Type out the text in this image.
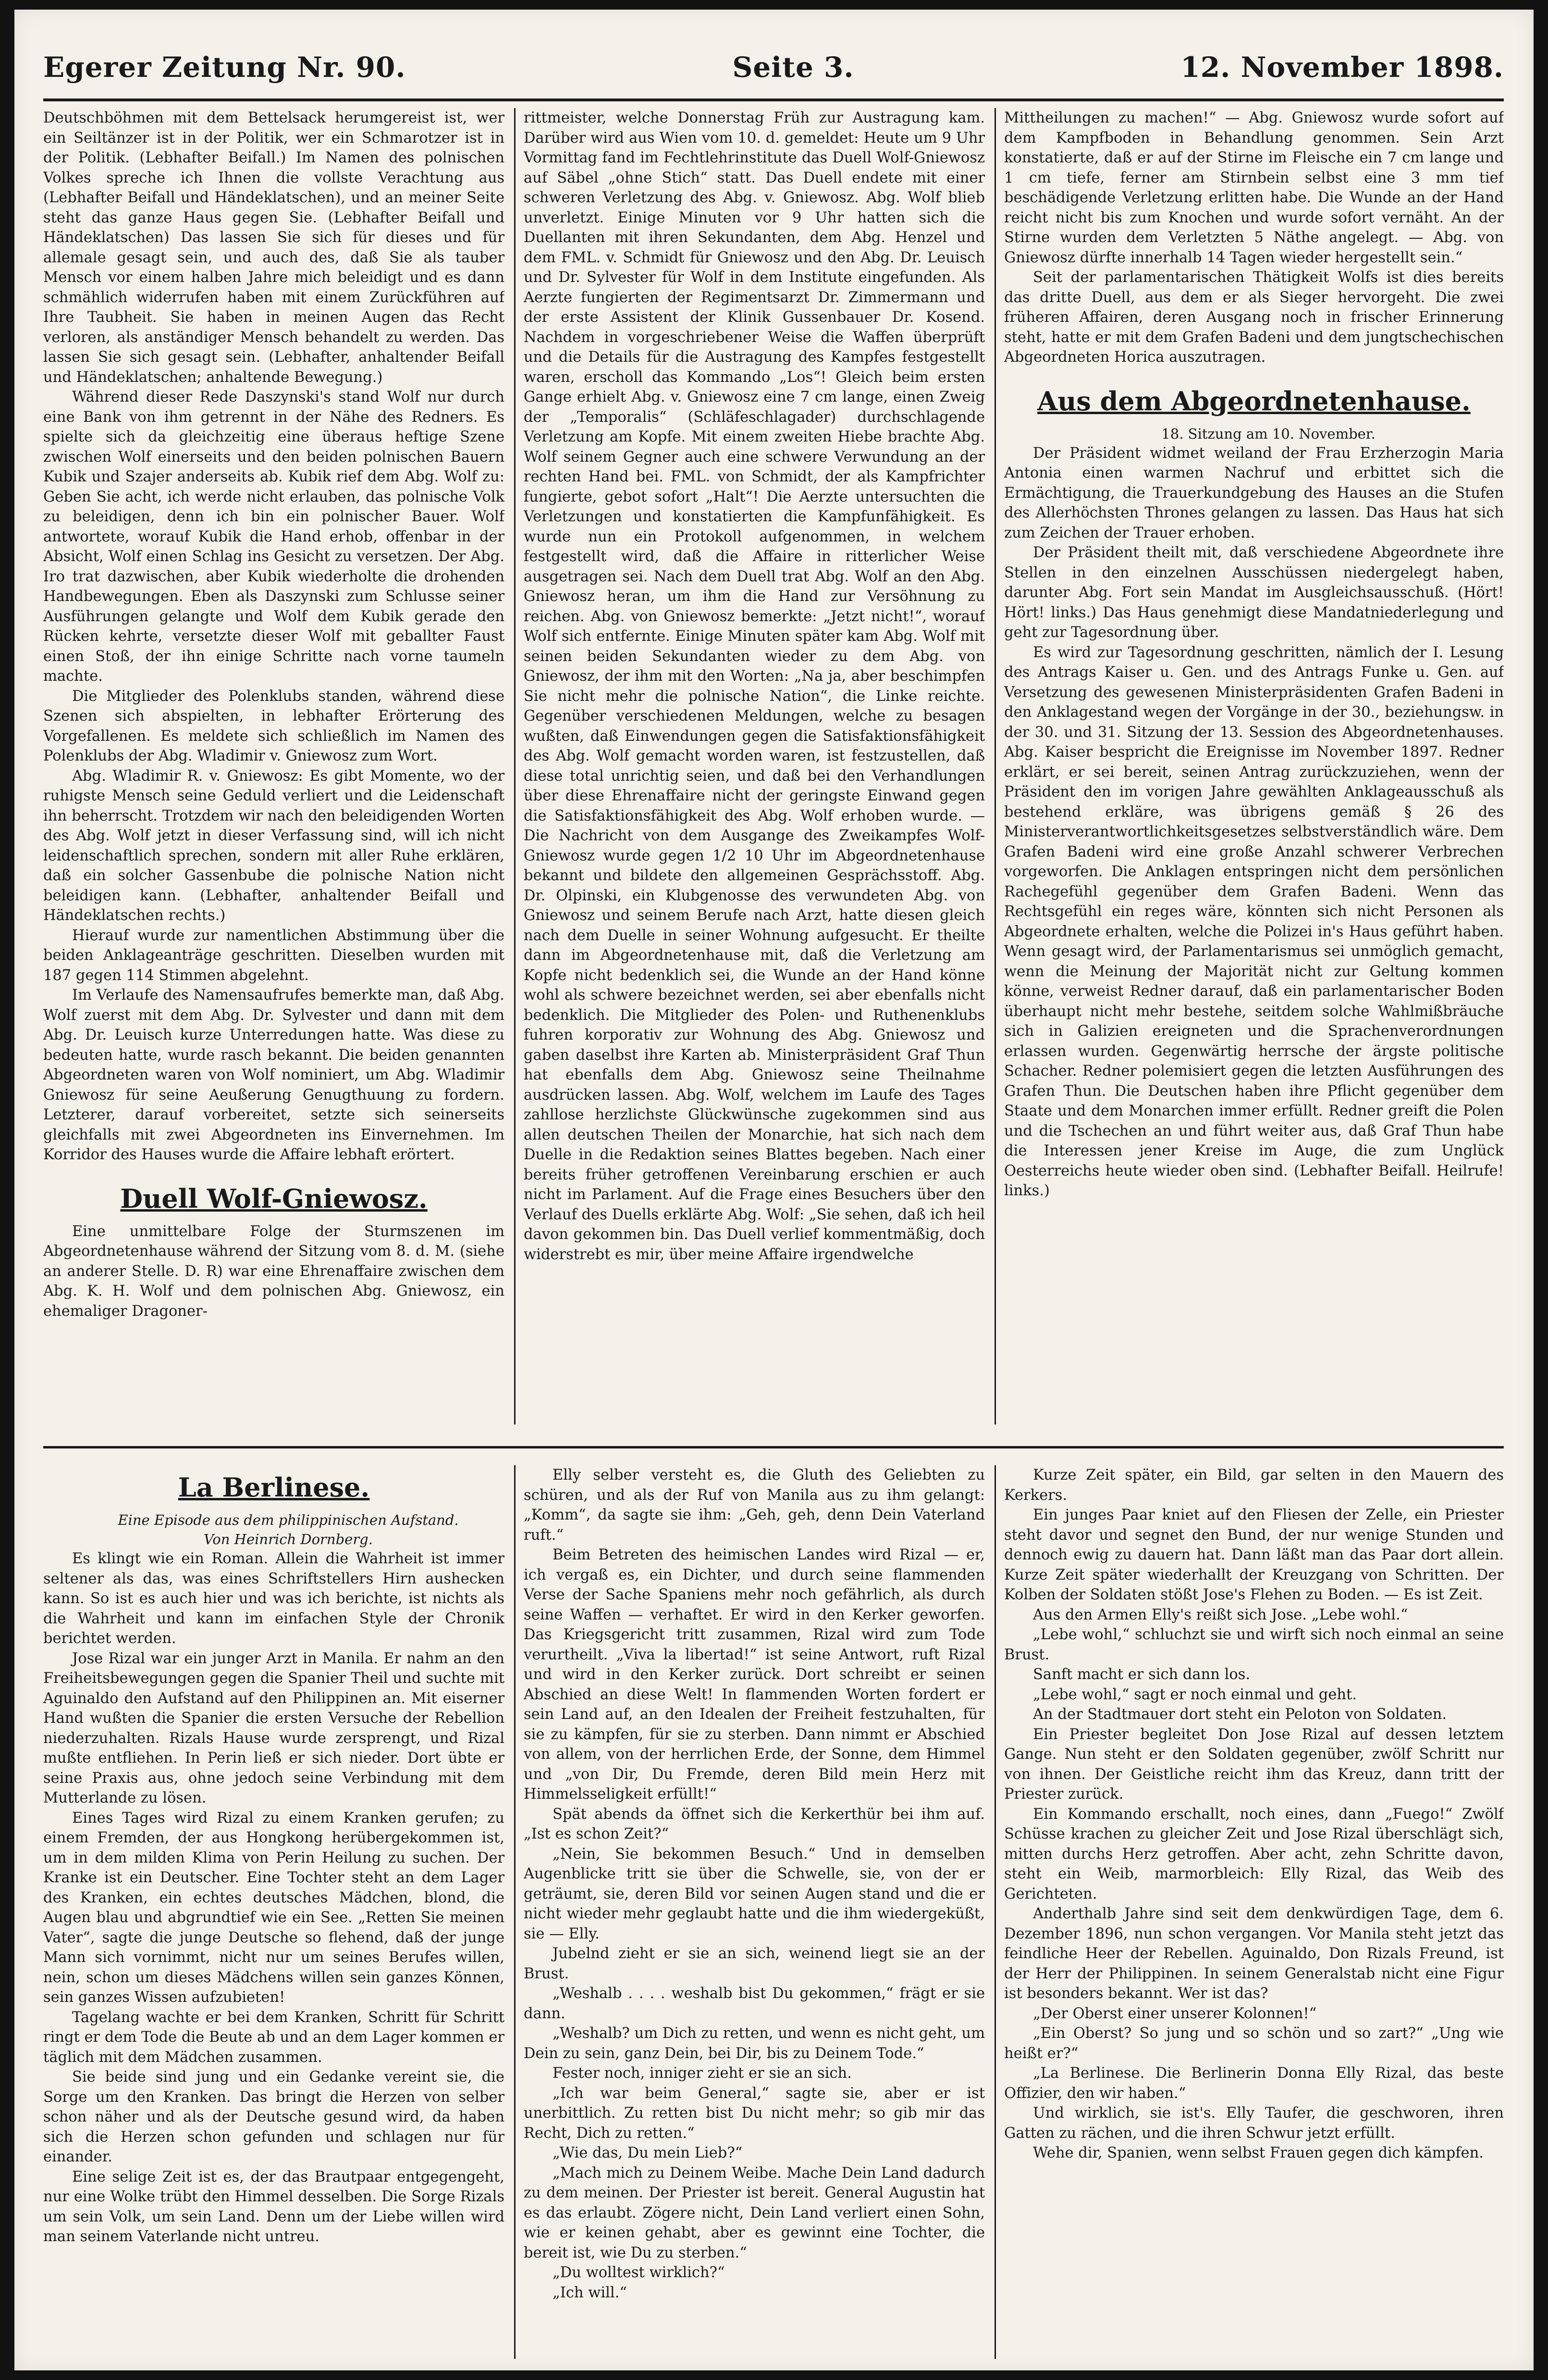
Egerer Zeitung Nr. 90.	Seite 3.	12. November 1898.

Deutschböhmen mit dem Bettelsack herumgereist ist, wer ein Seiltänzer ist in der Politik, wer ein Schmarotzer ist in der Politik. (Lebhafter Beifall.) Im Namen des polnischen Volkes spreche ich Ihnen die vollste Verachtung aus (Lebhafter Beifall und Händeklatschen), und an meiner Seite steht das ganze Haus gegen Sie. (Lebhafter Beifall und Händeklatschen) Das lassen Sie sich für dieses und für allemale gesagt sein, und auch des, daß Sie als tauber Mensch vor einem halben Jahre mich beleidigt und es dann schmählich widerrufen haben mit einem Zurückführen auf Ihre Taubheit. Sie haben in meinen Augen das Recht verloren, als anständiger Mensch behandelt zu werden. Das lassen Sie sich gesagt sein. (Lebhafter, anhaltender Beifall und Händeklatschen; anhaltende Bewegung.)

Während dieser Rede Daszynski's stand Wolf nur durch eine Bank von ihm getrennt in der Nähe des Redners. Es spielte sich da gleichzeitig eine überaus heftige Szene zwischen Wolf einerseits und den beiden polnischen Bauern Kubik und Szajer anderseits ab. Kubik rief dem Abg. Wolf zu: Geben Sie acht, ich werde nicht erlauben, das polnische Volk zu beleidigen, denn ich bin ein polnischer Bauer. Wolf antwortete, worauf Kubik die Hand erhob, offenbar in der Absicht, Wolf einen Schlag ins Gesicht zu versetzen. Der Abg. Iro trat dazwischen, aber Kubik wiederholte die drohenden Handbewegungen. Eben als Daszynski zum Schlusse seiner Ausführungen gelangte und Wolf dem Kubik gerade den Rücken kehrte, versetzte dieser Wolf mit geballter Faust einen Stoß, der ihn einige Schritte nach vorne taumeln machte.

Die Mitglieder des Polenklubs standen, während diese Szenen sich abspielten, in lebhafter Erörterung des Vorgefallenen. Es meldete sich schließlich im Namen des Polenklubs der Abg. Wladimir v. Gniewosz zum Wort.

Abg. Wladimir R. v. Gniewosz: Es gibt Momente, wo der ruhigste Mensch seine Geduld verliert und die Leidenschaft ihn beherrscht. Trotzdem wir nach den beleidigenden Worten des Abg. Wolf jetzt in dieser Verfassung sind, will ich nicht leidenschaftlich sprechen, sondern mit aller Ruhe erklären, daß ein solcher Gassenbube die polnische Nation nicht beleidigen kann. (Lebhafter, anhaltender Beifall und Händeklatschen rechts.)

Hierauf wurde zur namentlichen Abstimmung über die beiden Anklageanträge geschritten. Dieselben wurden mit 187 gegen 114 Stimmen abgelehnt.

Im Verlaufe des Namensaufrufes bemerkte man, daß Abg. Wolf zuerst mit dem Abg. Dr. Sylvester und dann mit dem Abg. Dr. Leuisch kurze Unterredungen hatte. Was diese zu bedeuten hatte, wurde rasch bekannt. Die beiden genannten Abgeordneten waren von Wolf nominiert, um Abg. Wladimir Gniewosz für seine Aeußerung Genugthuung zu fordern. Letzterer, darauf vorbereitet, setzte sich seinerseits gleichfalls mit zwei Abgeordneten ins Einvernehmen. Im Korridor des Hauses wurde die Affaire lebhaft erörtert.

Duell Wolf-Gniewosz.

Eine unmittelbare Folge der Sturmszenen im Abgeordnetenhause während der Sitzung vom 8. d. M. (siehe an anderer Stelle. D. R) war eine Ehrenaffaire zwischen dem Abg. K. H. Wolf und dem polnischen Abg. Gniewosz, ein ehemaliger Dragoner-

rittmeister, welche Donnerstag Früh zur Austragung kam. Darüber wird aus Wien vom 10. d. gemeldet: Heute um 9 Uhr Vormittag fand im Fechtlehrinstitute das Duell Wolf-Gniewosz auf Säbel „ohne Stich“ statt. Das Duell endete mit einer schweren Verletzung des Abg. v. Gniewosz. Abg. Wolf blieb unverletzt. Einige Minuten vor 9 Uhr hatten sich die Duellanten mit ihren Sekundanten, dem Abg. Henzel und dem FML. v. Schmidt für Gniewosz und den Abg. Dr. Leuisch und Dr. Sylvester für Wolf in dem Institute eingefunden. Als Aerzte fungierten der Regimentsarzt Dr. Zimmermann und der erste Assistent der Klinik Gussenbauer Dr. Kosend. Nachdem in vorgeschriebener Weise die Waffen überprüft und die Details für die Austragung des Kampfes festgestellt waren, erscholl das Kommando „Los“! Gleich beim ersten Gange erhielt Abg. v. Gniewosz eine 7 cm lange, einen Zweig der „Temporalis“ (Schläfeschlagader) durchschlagende Verletzung am Kopfe. Mit einem zweiten Hiebe brachte Abg. Wolf seinem Gegner auch eine schwere Verwundung an der rechten Hand bei. FML. von Schmidt, der als Kampfrichter fungierte, gebot sofort „Halt“! Die Aerzte untersuchten die Verletzungen und konstatierten die Kampfunfähigkeit. Es wurde nun ein Protokoll aufgenommen, in welchem festgestellt wird, daß die Affaire in ritterlicher Weise ausgetragen sei. Nach dem Duell trat Abg. Wolf an den Abg. Gniewosz heran, um ihm die Hand zur Versöhnung zu reichen. Abg. von Gniewosz bemerkte: „Jetzt nicht!“, worauf Wolf sich entfernte. Einige Minuten später kam Abg. Wolf mit seinen beiden Sekundanten wieder zu dem Abg. von Gniewosz, der ihm mit den Worten: „Na ja, aber beschimpfen Sie nicht mehr die polnische Nation“, die Linke reichte. Gegenüber verschiedenen Meldungen, welche zu besagen wußten, daß Einwendungen gegen die Satisfaktionsfähigkeit des Abg. Wolf gemacht worden waren, ist festzustellen, daß diese total unrichtig seien, und daß bei den Verhandlungen über diese Ehrenaffaire nicht der geringste Einwand gegen die Satisfaktionsfähigkeit des Abg. Wolf erhoben wurde. — Die Nachricht von dem Ausgange des Zweikampfes Wolf-Gniewosz wurde gegen 1/2 10 Uhr im Abgeordnetenhause bekannt und bildete den allgemeinen Gesprächsstoff. Abg. Dr. Olpinski, ein Klubgenosse des verwundeten Abg. von Gniewosz und seinem Berufe nach Arzt, hatte diesen gleich nach dem Duelle in seiner Wohnung aufgesucht. Er theilte dann im Abgeordnetenhause mit, daß die Verletzung am Kopfe nicht bedenklich sei, die Wunde an der Hand könne wohl als schwere bezeichnet werden, sei aber ebenfalls nicht bedenklich. Die Mitglieder des Polen- und Ruthenenklubs fuhren korporativ zur Wohnung des Abg. Gniewosz und gaben daselbst ihre Karten ab. Ministerpräsident Graf Thun hat ebenfalls dem Abg. Gniewosz seine Theilnahme ausdrücken lassen. Abg. Wolf, welchem im Laufe des Tages zahllose herzlichste Glückwünsche zugekommen sind aus allen deutschen Theilen der Monarchie, hat sich nach dem Duelle in die Redaktion seines Blattes begeben. Nach einer bereits früher getroffenen Vereinbarung erschien er auch nicht im Parlament. Auf die Frage eines Besuchers über den Verlauf des Duells erklärte Abg. Wolf: „Sie sehen, daß ich heil davon gekommen bin. Das Duell verlief kommentmäßig, doch widerstrebt es mir, über meine Affaire irgendwelche

Mittheilungen zu machen!“ — Abg. Gniewosz wurde sofort auf dem Kampfboden in Behandlung genommen. Sein Arzt konstatierte, daß er auf der Stirne im Fleische ein 7 cm lange und 1 cm tiefe, ferner am Stirnbein selbst eine 3 mm tief beschädigende Verletzung erlitten habe. Die Wunde an der Hand reicht nicht bis zum Knochen und wurde sofort vernäht. An der Stirne wurden dem Verletzten 5 Näthe angelegt. — Abg. von Gniewosz dürfte innerhalb 14 Tagen wieder hergestellt sein.“

Seit der parlamentarischen Thätigkeit Wolfs ist dies bereits das dritte Duell, aus dem er als Sieger hervorgeht. Die zwei früheren Affairen, deren Ausgang noch in frischer Erinnerung steht, hatte er mit dem Grafen Badeni und dem jungtschechischen Abgeordneten Horica auszutragen.

Aus dem Abgeordnetenhause.

18. Sitzung am 10. November.

Der Präsident widmet weiland der Frau Erzherzogin Maria Antonia einen warmen Nachruf und erbittet sich die Ermächtigung, die Trauerkundgebung des Hauses an die Stufen des Allerhöchsten Thrones gelangen zu lassen. Das Haus hat sich zum Zeichen der Trauer erhoben.

Der Präsident theilt mit, daß verschiedene Abgeordnete ihre Stellen in den einzelnen Ausschüssen niedergelegt haben, darunter Abg. Fort sein Mandat im Ausgleichsausschuß. (Hört! Hört! links.) Das Haus genehmigt diese Mandatniederlegung und geht zur Tagesordnung über.

Es wird zur Tagesordnung geschritten, nämlich der I. Lesung des Antrags Kaiser u. Gen. und des Antrags Funke u. Gen. auf Versetzung des gewesenen Ministerpräsidenten Grafen Badeni in den Anklagestand wegen der Vorgänge in der 30., beziehungsw. in der 30. und 31. Sitzung der 13. Session des Abgeordnetenhauses. Abg. Kaiser bespricht die Ereignisse im November 1897. Redner erklärt, er sei bereit, seinen Antrag zurückzuziehen, wenn der Präsident den im vorigen Jahre gewählten Anklageausschuß als bestehend erkläre, was übrigens gemäß § 26 des Ministerverantwortlichkeitsgesetzes selbstverständlich wäre. Dem Grafen Badeni wird eine große Anzahl schwerer Verbrechen vorgeworfen. Die Anklagen entspringen nicht dem persönlichen Rachegefühl gegenüber dem Grafen Badeni. Wenn das Rechtsgefühl ein reges wäre, könnten sich nicht Personen als Abgeordnete erhalten, welche die Polizei in's Haus geführt haben. Wenn gesagt wird, der Parlamentarismus sei unmöglich gemacht, wenn die Meinung der Majorität nicht zur Geltung kommen könne, verweist Redner darauf, daß ein parlamentarischer Boden überhaupt nicht mehr bestehe, seitdem solche Wahlmißbräuche sich in Galizien ereigneten und die Sprachenverordnungen erlassen wurden. Gegenwärtig herrsche der ärgste politische Schacher. Redner polemisiert gegen die letzten Ausführungen des Grafen Thun. Die Deutschen haben ihre Pflicht gegenüber dem Staate und dem Monarchen immer erfüllt. Redner greift die Polen und die Tschechen an und führt weiter aus, daß Graf Thun habe die Interessen jener Kreise im Auge, die zum Unglück Oesterreichs heute wieder oben sind. (Lebhafter Beifall. Heilrufe! links.)

La Berlinese.

Eine Episode aus dem philippinischen Aufstand.

Von Heinrich Dornberg.

Es klingt wie ein Roman. Allein die Wahrheit ist immer seltener als das, was eines Schriftstellers Hirn aushecken kann. So ist es auch hier und was ich berichte, ist nichts als die Wahrheit und kann im einfachen Style der Chronik berichtet werden.

Jose Rizal war ein junger Arzt in Manila. Er nahm an den Freiheitsbewegungen gegen die Spanier Theil und suchte mit Aguinaldo den Aufstand auf den Philippinen an. Mit eiserner Hand wußten die Spanier die ersten Versuche der Rebellion niederzuhalten. Rizals Hause wurde zersprengt, und Rizal mußte entfliehen. In Perin ließ er sich nieder. Dort übte er seine Praxis aus, ohne jedoch seine Verbindung mit dem Mutterlande zu lösen.

Eines Tages wird Rizal zu einem Kranken gerufen; zu einem Fremden, der aus Hongkong herübergekommen ist, um in dem milden Klima von Perin Heilung zu suchen. Der Kranke ist ein Deutscher. Eine Tochter steht an dem Lager des Kranken, ein echtes deutsches Mädchen, blond, die Augen blau und abgrundtief wie ein See. „Retten Sie meinen Vater“, sagte die junge Deutsche so flehend, daß der junge Mann sich vornimmt, nicht nur um seines Berufes willen, nein, schon um dieses Mädchens willen sein ganzes Können, sein ganzes Wissen aufzubieten!

Tagelang wachte er bei dem Kranken, Schritt für Schritt ringt er dem Tode die Beute ab und an dem Lager kommen er täglich mit dem Mädchen zusammen.

Sie beide sind jung und ein Gedanke vereint sie, die Sorge um den Kranken. Das bringt die Herzen von selber schon näher und als der Deutsche gesund wird, da haben sich die Herzen schon gefunden und schlagen nur für einander.

Eine selige Zeit ist es, der das Brautpaar entgegengeht, nur eine Wolke trübt den Himmel desselben. Die Sorge Rizals um sein Volk, um sein Land. Denn um der Liebe willen wird man seinem Vaterlande nicht untreu.

Elly selber versteht es, die Gluth des Geliebten zu schüren, und als der Ruf von Manila aus zu ihm gelangt: „Komm“, da sagte sie ihm: „Geh, geh, denn Dein Vaterland ruft.“

Beim Betreten des heimischen Landes wird Rizal — er, ich vergaß es, ein Dichter, und durch seine flammenden Verse der Sache Spaniens mehr noch gefährlich, als durch seine Waffen — verhaftet. Er wird in den Kerker geworfen. Das Kriegsgericht tritt zusammen, Rizal wird zum Tode verurtheilt. „Viva la libertad!“ ist seine Antwort, ruft Rizal und wird in den Kerker zurück. Dort schreibt er seinen Abschied an diese Welt! In flammenden Worten fordert er sein Land auf, an den Idealen der Freiheit festzuhalten, für sie zu kämpfen, für sie zu sterben. Dann nimmt er Abschied von allem, von der herrlichen Erde, der Sonne, dem Himmel und „von Dir, Du Fremde, deren Bild mein Herz mit Himmelsseligkeit erfüllt!“

Spät abends da öffnet sich die Kerkerthür bei ihm auf. „Ist es schon Zeit?“

„Nein, Sie bekommen Besuch.“ Und in demselben Augenblicke tritt sie über die Schwelle, sie, von der er geträumt, sie, deren Bild vor seinen Augen stand und die er nicht wieder mehr geglaubt hatte und die ihm wiedergeküßt, sie — Elly.

Jubelnd zieht er sie an sich, weinend liegt sie an der Brust.

„Weshalb . . . . weshalb bist Du gekommen,“ frägt er sie dann.

„Weshalb? um Dich zu retten, und wenn es nicht geht, um Dein zu sein, ganz Dein, bei Dir, bis zu Deinem Tode.“

Fester noch, inniger zieht er sie an sich.

„Ich war beim General,“ sagte sie, aber er ist unerbittlich. Zu retten bist Du nicht mehr; so gib mir das Recht, Dich zu retten.“

„Wie das, Du mein Lieb?“

„Mach mich zu Deinem Weibe. Mache Dein Land dadurch zu dem meinen. Der Priester ist bereit. General Augustin hat es das erlaubt. Zögere nicht, Dein Land verliert einen Sohn, wie er keinen gehabt, aber es gewinnt eine Tochter, die bereit ist, wie Du zu sterben.“

„Du wolltest wirklich?“

„Ich will.“

Kurze Zeit später, ein Bild, gar selten in den Mauern des Kerkers.

Ein junges Paar kniet auf den Fliesen der Zelle, ein Priester steht davor und segnet den Bund, der nur wenige Stunden und dennoch ewig zu dauern hat. Dann läßt man das Paar dort allein. Kurze Zeit später wiederhallt der Kreuzgang von Schritten. Der Kolben der Soldaten stößt Jose's Flehen zu Boden. — Es ist Zeit.

Aus den Armen Elly's reißt sich Jose. „Lebe wohl.“

„Lebe wohl,“ schluchzt sie und wirft sich noch einmal an seine Brust.

Sanft macht er sich dann los.

„Lebe wohl,“ sagt er noch einmal und geht.

An der Stadtmauer dort steht ein Peloton von Soldaten.

Ein Priester begleitet Don Jose Rizal auf dessen letztem Gange. Nun steht er den Soldaten gegenüber, zwölf Schritt nur von ihnen. Der Geistliche reicht ihm das Kreuz, dann tritt der Priester zurück.

Ein Kommando erschallt, noch eines, dann „Fuego!“ Zwölf Schüsse krachen zu gleicher Zeit und Jose Rizal überschlägt sich, mitten durchs Herz getroffen. Aber acht, zehn Schritte davon, steht ein Weib, marmorbleich: Elly Rizal, das Weib des Gerichteten.

Anderthalb Jahre sind seit dem denkwürdigen Tage, dem 6. Dezember 1896, nun schon vergangen. Vor Manila steht jetzt das feindliche Heer der Rebellen. Aguinaldo, Don Rizals Freund, ist der Herr der Philippinen. In seinem Generalstab nicht eine Figur ist besonders bekannt. Wer ist das?

„Der Oberst einer unserer Kolonnen!“

„Ein Oberst? So jung und so schön und so zart?“ „Ung wie heißt er?“

„La Berlinese. Die Berlinerin Donna Elly Rizal, das beste Offizier, den wir haben.“

Und wirklich, sie ist's. Elly Taufer, die geschworen, ihren Gatten zu rächen, und die ihren Schwur jetzt erfüllt.

Wehe dir, Spanien, wenn selbst Frauen gegen dich kämpfen.
